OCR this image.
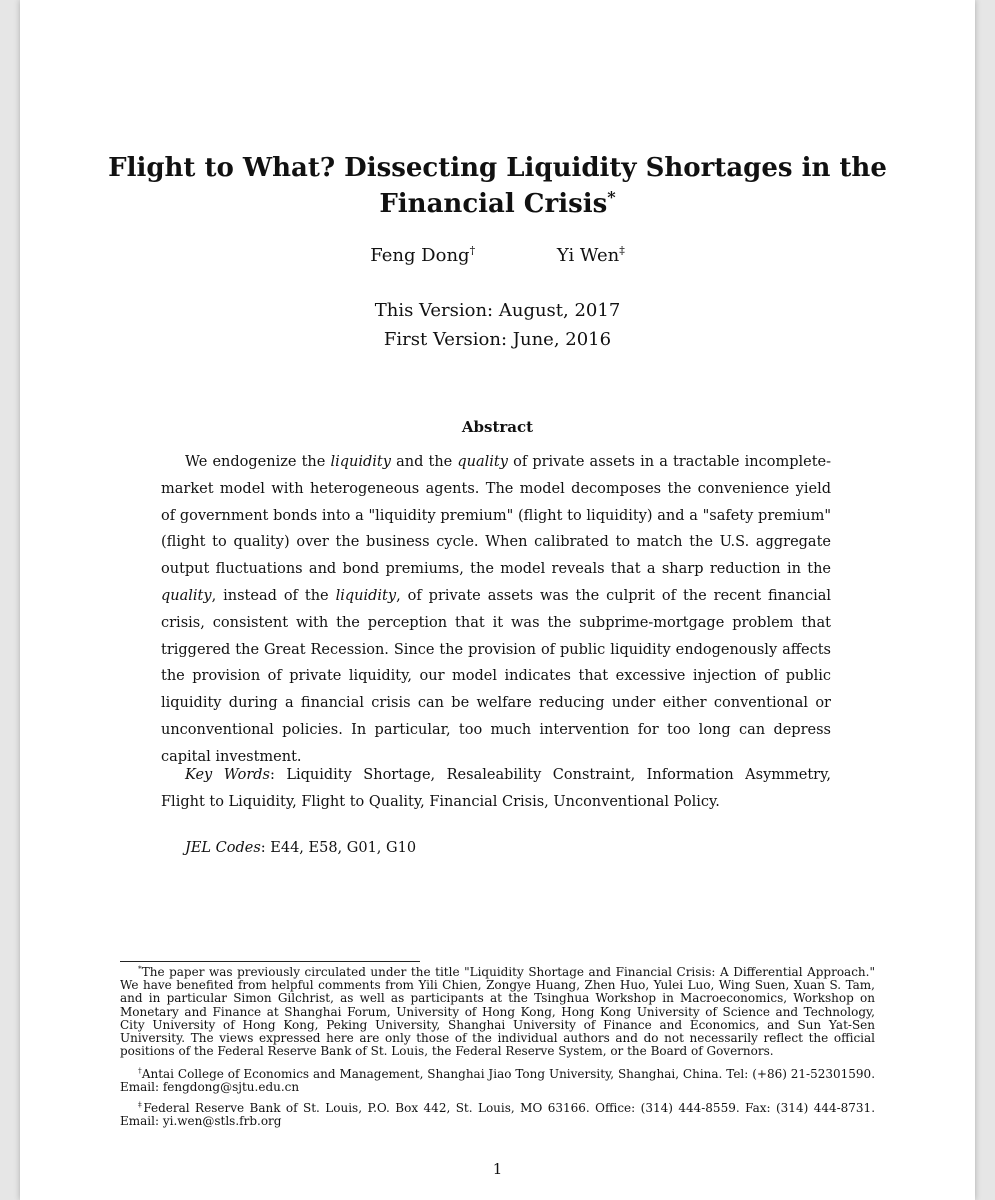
Flight to What? Dissecting Liquidity Shortages in the
Financial Crisis*
Feng Dong†	Yi Wen‡
This Version: August, 2017
First Version: June, 2016
Abstract

We endogenize the liquidity and the quality of private assets in a tractable incomplete-market model with heterogeneous agents. The model decomposes the convenience yield of government bonds into a "liquidity premium" (flight to liquidity) and a "safety premium" (flight to quality) over the business cycle. When calibrated to match the U.S. aggregate output fluctuations and bond premiums, the model reveals that a sharp reduction in the quality, instead of the liquidity, of private assets was the culprit of the recent financial crisis, consistent with the perception that it was the subprime-mortgage problem that triggered the Great Recession. Since the provision of public liquidity endogenously affects the provision of private liquidity, our model indicates that excessive injection of public liquidity during a financial crisis can be welfare reducing under either conventional or unconventional policies. In particular, too much intervention for too long can depress capital investment.

Key Words: Liquidity Shortage, Resaleability Constraint, Information Asymmetry, Flight to Liquidity, Flight to Quality, Financial Crisis, Unconventional Policy.

JEL Codes: E44, E58, G01, G10

*The paper was previously circulated under the title "Liquidity Shortage and Financial Crisis: A Differential Approach." We have benefited from helpful comments from Yili Chien, Zongye Huang, Zhen Huo, Yulei Luo, Wing Suen, Xuan S. Tam, and in particular Simon Gilchrist, as well as participants at the Tsinghua Workshop in Macroeconomics, Workshop on Monetary and Finance at Shanghai Forum, University of Hong Kong, Hong Kong University of Science and Technology, City University of Hong Kong, Peking University, Shanghai University of Finance and Economics, and Sun Yat-Sen University. The views expressed here are only those of the individual authors and do not necessarily reflect the official positions of the Federal Reserve Bank of St. Louis, the Federal Reserve System, or the Board of Governors.

†Antai College of Economics and Management, Shanghai Jiao Tong University, Shanghai, China. Tel: (+86) 21-52301590. Email: fengdong@sjtu.edu.cn

‡Federal Reserve Bank of St. Louis, P.O. Box 442, St. Louis, MO 63166. Office: (314) 444-8559. Fax: (314) 444-8731. Email: yi.wen@stls.frb.org

1
